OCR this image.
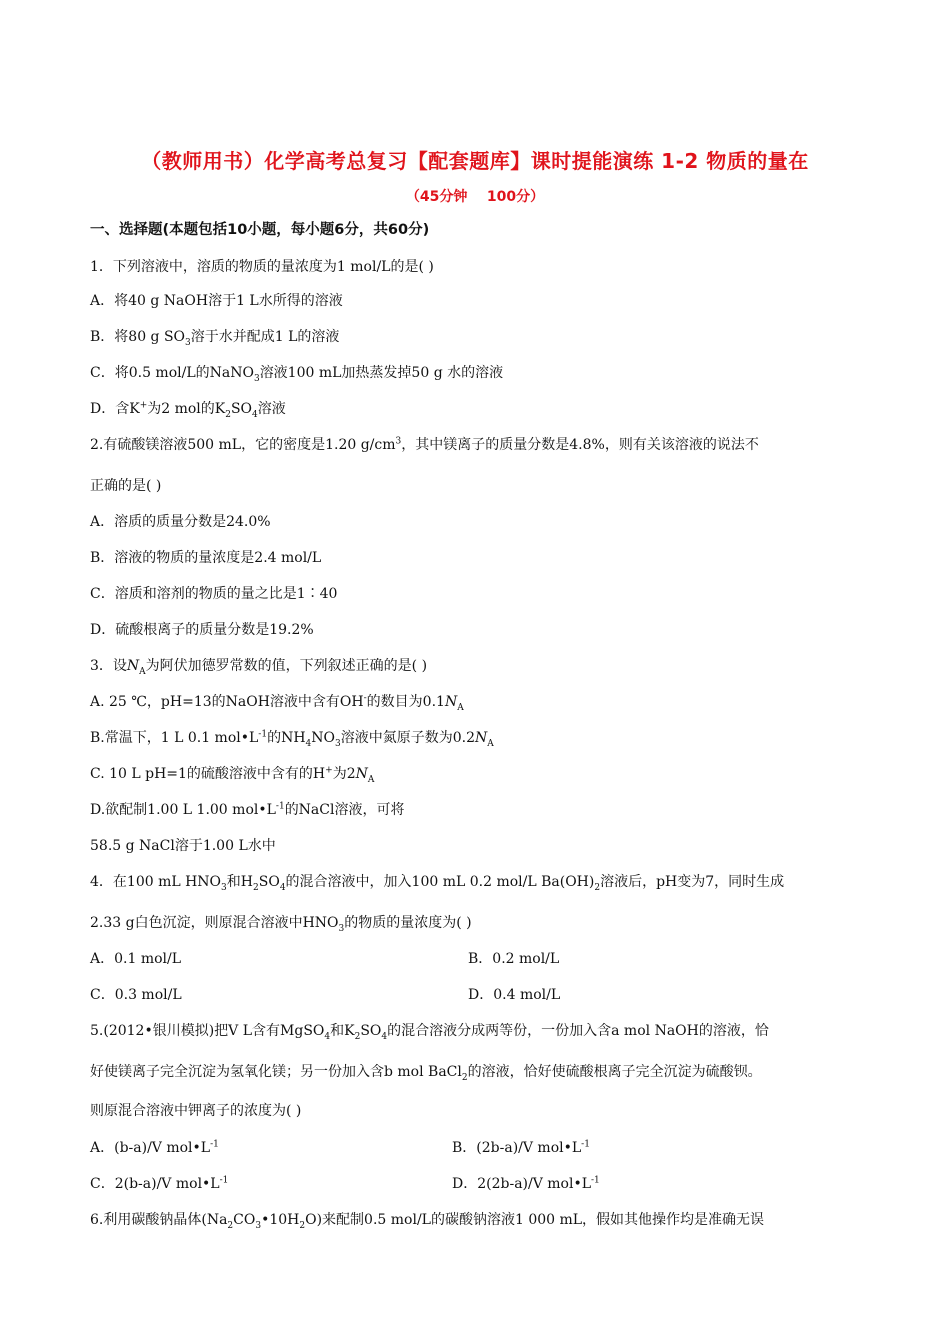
（教师用书）化学高考总复习【配套题库】课时提能演练 1-2 物质的量在
（45分钟    100分）
一、选择题(本题包括10小题，每小题6分，共60分)
1．下列溶液中，溶质的物质的量浓度为1 mol/L的是( )
A．将40 g NaOH溶于1 L水所得的溶液
B．将80 g $SO_3$溶于水并配成1 L的溶液
C．将0.5 mol/L的NaNO$_3$溶液100 mL加热蒸发掉50 g 水的溶液
D．含K+为2 mol的$K_2SO_4$溶液
2.有硫酸镁溶液500 mL，它的密度是1.20 $g/cm^3$，其中镁离子的质量分数是4.8%，则有关该溶液的说法不
正确的是( )
A．溶质的质量分数是24.0%
B．溶液的物质的量浓度是2.4 mol/L
C．溶质和溶剂的物质的量之比是1∶40
D．硫酸根离子的质量分数是19.2%
3．设$N_A$为阿伏加德罗常数的值，下列叙述正确的是( )
A. 25 ℃，pH=13的NaOH溶液中含有OH-的数目为$0.1N_A$
B.常温下，1 L 0.1 $mol•L^{-1}$的$NH_4NO_3$溶液中氮原子数为$0.2N_A$
C. 10 L pH=1的硫酸溶液中含有的H+为$2N_A$
D.欲配制1.00 L 1.00 $mol•L^{-1}$的NaCl溶液，可将
58.5 g NaCl溶于1.00 L水中
4．在100 mL $HNO_3$和$H_2SO_4$的混合溶液中，加入100 mL 0.2 mol/L $Ba(OH)_2$溶液后，pH变为7，同时生成
2.33 g白色沉淀，则原混合溶液中$HNO_3$的物质的量浓度为( )
A．0.1 mol/L	B．0.2 mol/L
C．0.3 mol/L	D．0.4 mol/L
5.(2012•银川模拟)把V L含有MgSO$_4$和$K_2SO_4$的混合溶液分成两等份，一份加入含a mol NaOH的溶液，恰
好使镁离子完全沉淀为氢氧化镁；另一份加入含b mol BaCl$_2$的溶液，恰好使硫酸根离子完全沉淀为硫酸钡。
则原混合溶液中钾离子的浓度为( )
A．(b-a)/V $mol•L^{-1}$	B．(2b-a)/V $mol•L^{-1}$
C．2(b-a)/V $mol•L^{-1}$	D．2(2b-a)/V $mol•L^{-1}$
6.利用碳酸钠晶体$(Na_2CO_3•10H_2O)$来配制0.5 mol/L的碳酸钠溶液1 000 mL，假如其他操作均是准确无误
